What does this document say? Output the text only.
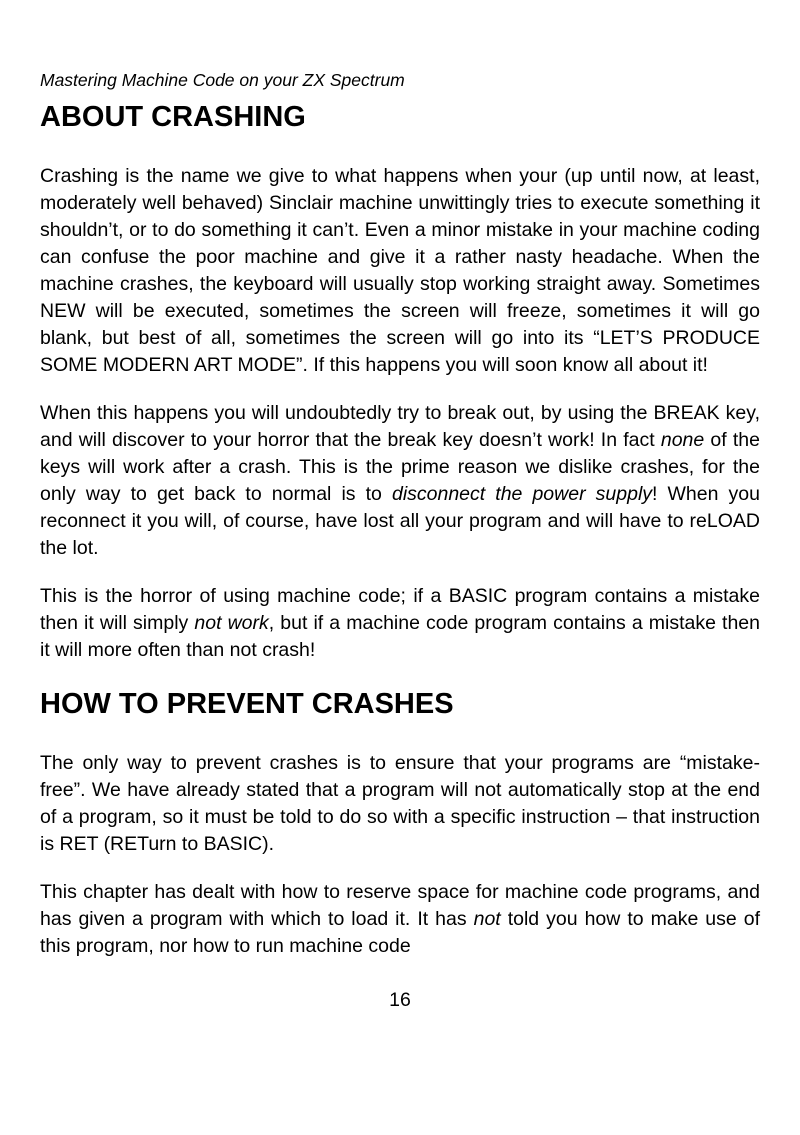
Mastering Machine Code on your ZX Spectrum
ABOUT CRASHING

Crashing is the name we give to what happens when your (up until now, at least, moderately well behaved) Sinclair machine unwittingly tries to execute something it shouldn’t, or to do something it can’t. Even a minor mistake in your machine coding can confuse the poor machine and give it a rather nasty headache. When the machine crashes, the keyboard will usually stop working straight away. Sometimes NEW will be executed, sometimes the screen will freeze, sometimes it will go blank, but best of all, sometimes the screen will go into its “LET’S PRODUCE SOME MODERN ART MODE”. If this happens you will soon know all about it!

When this happens you will undoubtedly try to break out, by using the BREAK key, and will discover to your horror that the break key doesn’t work! In fact none of the keys will work after a crash. This is the prime reason we dislike crashes, for the only way to get back to normal is to disconnect the power supply! When you reconnect it you will, of course, have lost all your program and will have to reLOAD the lot.

This is the horror of using machine code; if a BASIC program contains a mistake then it will simply not work, but if a machine code program contains a mistake then it will more often than not crash!

HOW TO PREVENT CRASHES

The only way to prevent crashes is to ensure that your programs are “mistake-free”. We have already stated that a program will not automatically stop at the end of a program, so it must be told to do so with a specific instruction – that instruction is RET (RETurn to BASIC).

This chapter has dealt with how to reserve space for machine code programs, and has given a program with which to load it. It has not told you how to make use of this program, nor how to run machine code

16
